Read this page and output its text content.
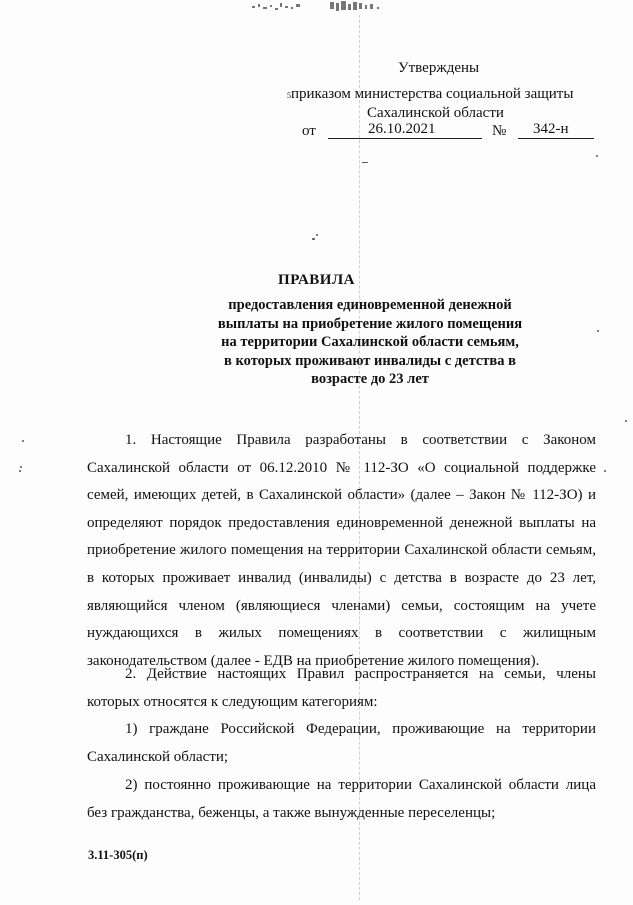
Утверждены
5приказом министерства социальной защиты
Сахалинской области
от	26.10.2021	№ 342-н
ПРАВИЛА
предоставления единовременной денежной
выплаты на приобретение жилого помещения
на территории Сахалинской области семьям,
в которых проживают инвалиды с детства в
возрасте до 23 лет
1. Настоящие Правила разработаны в соответствии с Законом Сахалинской области от 06.12.2010 № 112-ЗО «О социальной поддержке семей, имеющих детей, в Сахалинской области» (далее – Закон № 112-ЗО) и определяют порядок предоставления единовременной денежной выплаты на приобретение жилого помещения на территории Сахалинской области семьям, в которых проживает инвалид (инвалиды) с детства в возрасте до 23 лет, являющийся членом (являющиеся членами) семьи, состоящим на учете нуждающихся в жилых помещениях в соответствии с жилищным законодательством (далее - ЕДВ на приобретение жилого помещения).
2. Действие настоящих Правил распространяется на семьи, члены которых относятся к следующим категориям:
1) граждане Российской Федерации, проживающие на территории Сахалинской области;
2) постоянно проживающие на территории Сахалинской области лица без гражданства, беженцы, а также вынужденные переселенцы;
3.11-305(п)
